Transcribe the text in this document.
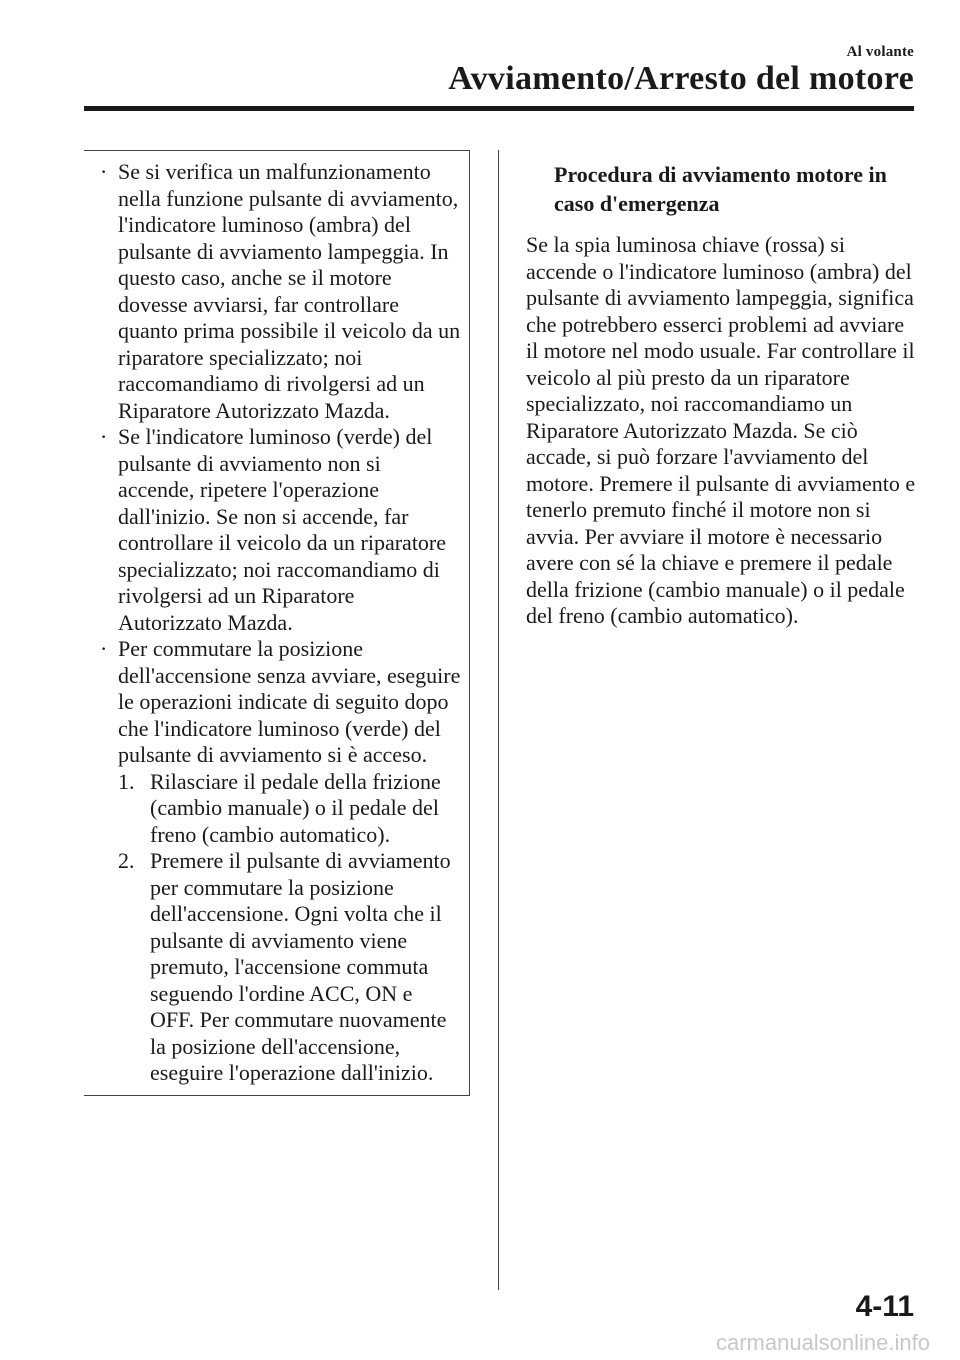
Al volante
Avviamento/Arresto del motore
· Se si verifica un malfunzionamento nella funzione pulsante di avviamento, l'indicatore luminoso (ambra) del pulsante di avviamento lampeggia. In questo caso, anche se il motore dovesse avviarsi, far controllare quanto prima possibile il veicolo da un riparatore specializzato; noi raccomandiamo di rivolgersi ad un Riparatore Autorizzato Mazda.
· Se l'indicatore luminoso (verde) del pulsante di avviamento non si accende, ripetere l'operazione dall'inizio. Se non si accende, far controllare il veicolo da un riparatore specializzato; noi raccomandiamo di rivolgersi ad un Riparatore Autorizzato Mazda.
· Per commutare la posizione dell'accensione senza avviare, eseguire le operazioni indicate di seguito dopo che l'indicatore luminoso (verde) del pulsante di avviamento si è acceso.
1. Rilasciare il pedale della frizione (cambio manuale) o il pedale del freno (cambio automatico).
2. Premere il pulsante di avviamento per commutare la posizione dell'accensione. Ogni volta che il pulsante di avviamento viene premuto, l'accensione commuta seguendo l'ordine ACC, ON e OFF. Per commutare nuovamente la posizione dell'accensione, eseguire l'operazione dall'inizio.
Procedura di avviamento motore in caso d'emergenza
Se la spia luminosa chiave (rossa) si accende o l'indicatore luminoso (ambra) del pulsante di avviamento lampeggia, significa che potrebbero esserci problemi ad avviare il motore nel modo usuale. Far controllare il veicolo al più presto da un riparatore specializzato, noi raccomandiamo un Riparatore Autorizzato Mazda. Se ciò accade, si può forzare l'avviamento del motore. Premere il pulsante di avviamento e tenerlo premuto finché il motore non si avvia. Per avviare il motore è necessario avere con sé la chiave e premere il pedale della frizione (cambio manuale) o il pedale del freno (cambio automatico).
4-11
carmanualsonline.info
